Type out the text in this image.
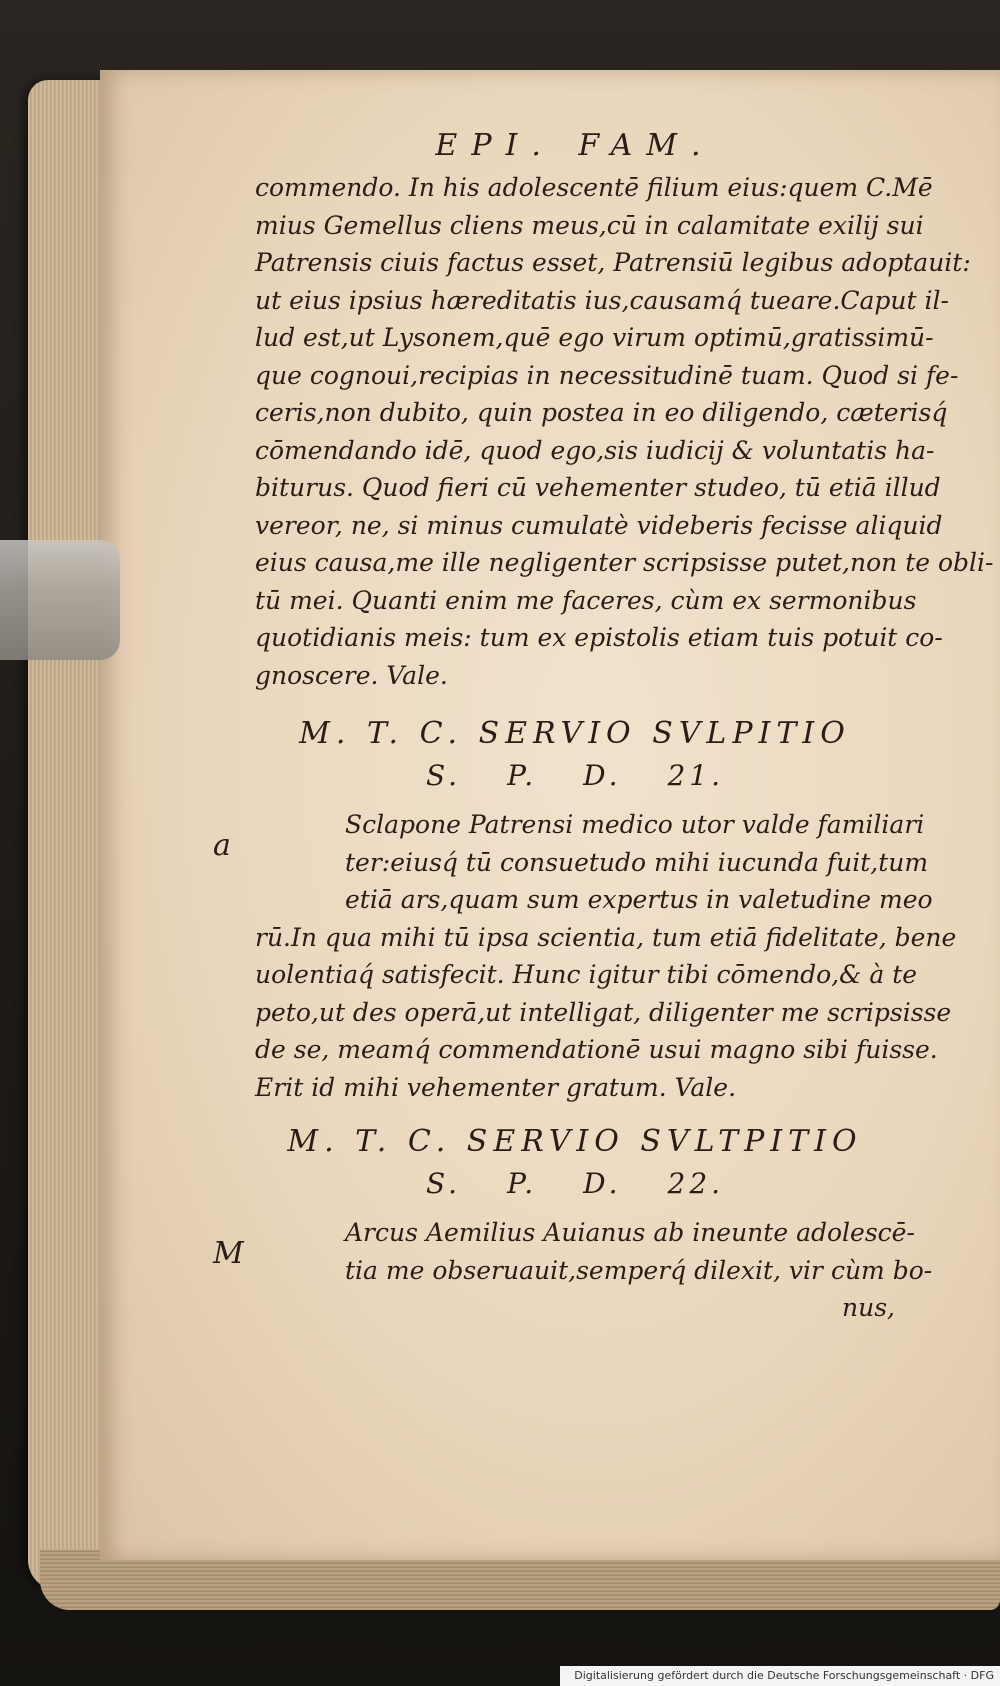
EPI. FAM.
commendo. In his adolescentē filium eius:quem C.Mē
mius Gemellus cliens meus,cū in calamitate exilij sui
Patrensis ciuis factus esset, Patrensiū legibus adoptauit:
ut eius ipsius hæreditatis ius,causamq́ tueare.Caput il-
lud est,ut Lysonem,quē ego virum optimū,gratissimū-
que cognoui,recipias in necessitudinē tuam. Quod si fe-
ceris,non dubito, quin postea in eo diligendo, cæterisq́
cōmendando idē, quod ego,sis iudicij & voluntatis ha-
biturus. Quod fieri cū vehementer studeo, tū etiā illud
vereor, ne, si minus cumulatè videberis fecisse aliquid
eius causa,me ille negligenter scripsisse putet,non te obli-
tū mei. Quanti enim me faceres, cùm ex sermonibus
quotidianis meis: tum ex epistolis etiam tuis potuit co-
gnoscere. Vale.
M. T. C. SERVIO SVLPITIO
S. P. D. 21.
a
Sclapone Patrensi medico utor valde familiari
ter:eiusq́ tū consuetudo mihi iucunda fuit,tum
etiā ars,quam sum expertus in valetudine meo
rū.In qua mihi tū ipsa scientia, tum etiā fidelitate, bene
uolentiaq́ satisfecit. Hunc igitur tibi cōmendo,& à te
peto,ut des operā,ut intelligat, diligenter me scripsisse
de se, meamq́ commendationē usui magno sibi fuisse.
Erit id mihi vehementer gratum. Vale.
M. T. C. SERVIO SVLTPITIO
S. P. D. 22.
M
Arcus Aemilius Auianus ab ineunte adolescē-
tia me obseruauit,semperq́ dilexit, vir cùm bo-
nus,
Digitalisierung gefördert durch die Deutsche Forschungsgemeinschaft · DFG
